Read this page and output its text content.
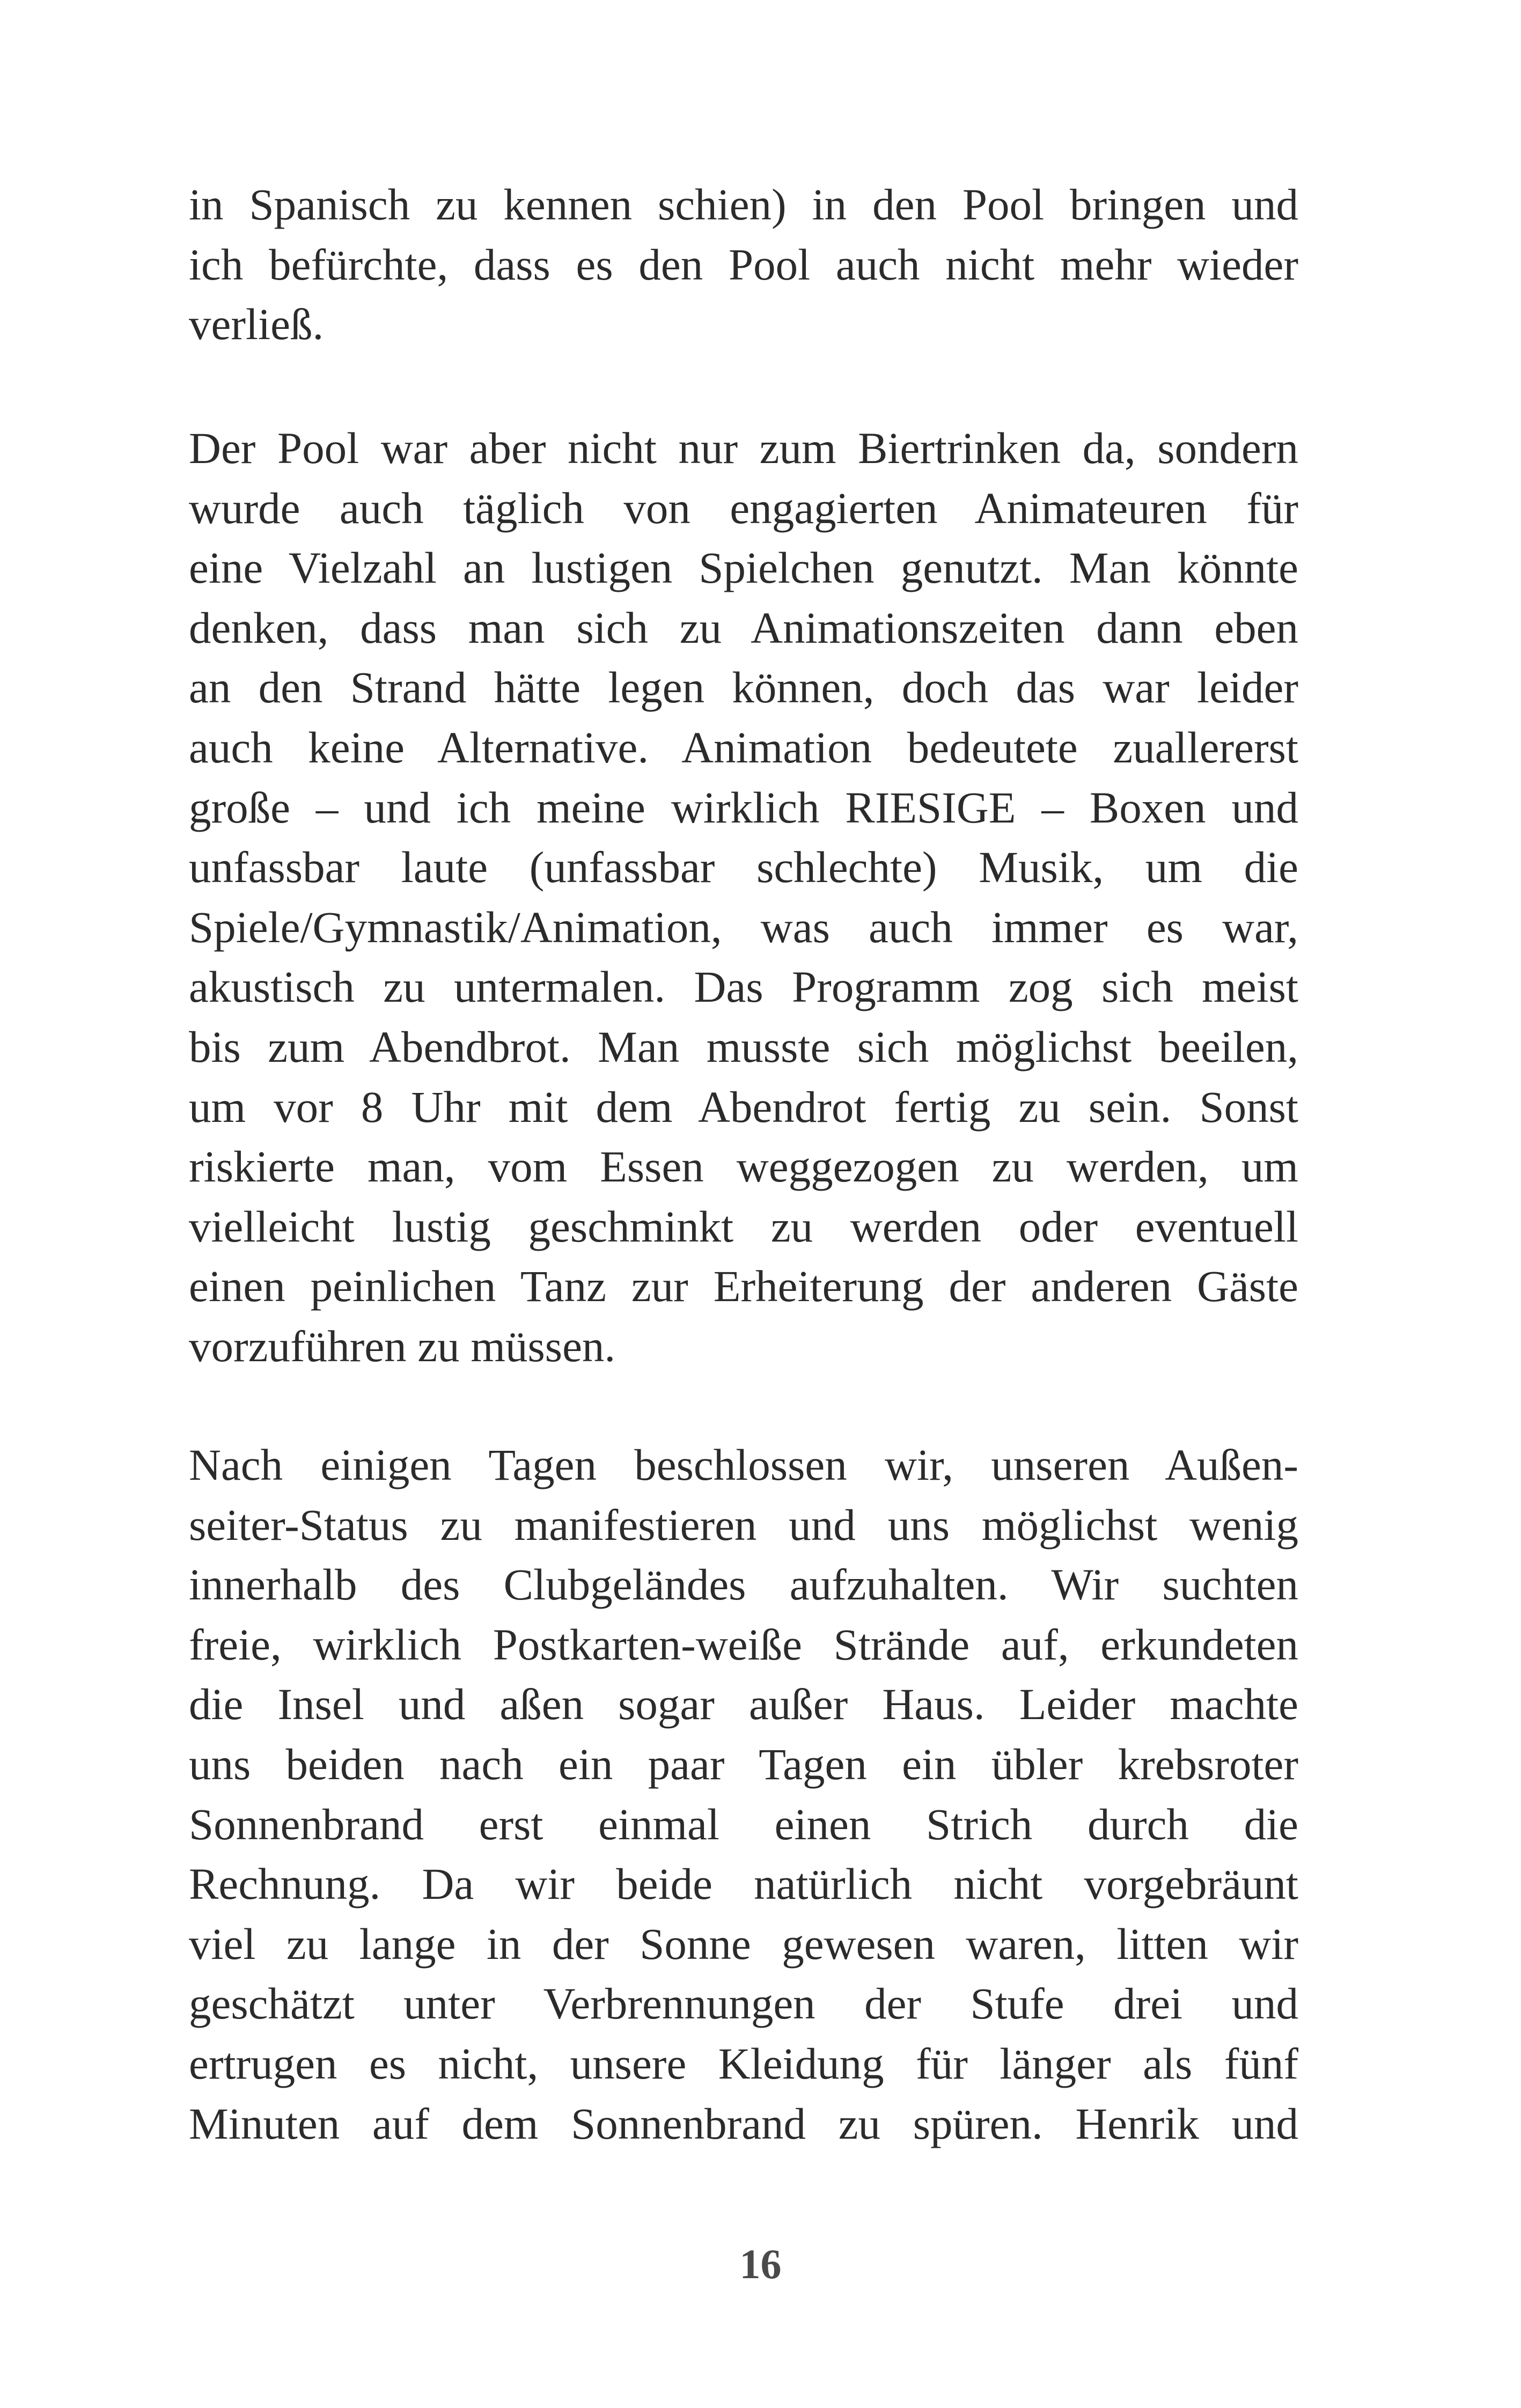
in Spanisch zu kennen schien) in den Pool bringen und
ich befürchte, dass es den Pool auch nicht mehr wieder
verließ.
Der Pool war aber nicht nur zum Biertrinken da, sondern
wurde auch täglich von engagierten Animateuren für
eine Vielzahl an lustigen Spielchen genutzt. Man könnte
denken, dass man sich zu Animationszeiten dann eben
an den Strand hätte legen können, doch das war leider
auch keine Alternative. Animation bedeutete zuallererst
große – und ich meine wirklich RIESIGE – Boxen und
unfassbar laute (unfassbar schlechte) Musik, um die
Spiele/Gymnastik/Animation, was auch immer es war,
akustisch zu untermalen. Das Programm zog sich meist
bis zum Abendbrot. Man musste sich möglichst beeilen,
um vor 8 Uhr mit dem Abendrot fertig zu sein. Sonst
riskierte man, vom Essen weggezogen zu werden, um
vielleicht lustig geschminkt zu werden oder eventuell
einen peinlichen Tanz zur Erheiterung der anderen Gäste
vorzuführen zu müssen.
Nach einigen Tagen beschlossen wir, unseren Außen-
seiter-Status zu manifestieren und uns möglichst wenig
innerhalb des Clubgeländes aufzuhalten. Wir suchten
freie, wirklich Postkarten-weiße Strände auf, erkundeten
die Insel und aßen sogar außer Haus. Leider machte
uns beiden nach ein paar Tagen ein übler krebsroter
Sonnenbrand erst einmal einen Strich durch die
Rechnung. Da wir beide natürlich nicht vorgebräunt
viel zu lange in der Sonne gewesen waren, litten wir
geschätzt unter Verbrennungen der Stufe drei und
ertrugen es nicht, unsere Kleidung für länger als fünf
Minuten auf dem Sonnenbrand zu spüren. Henrik und
16
